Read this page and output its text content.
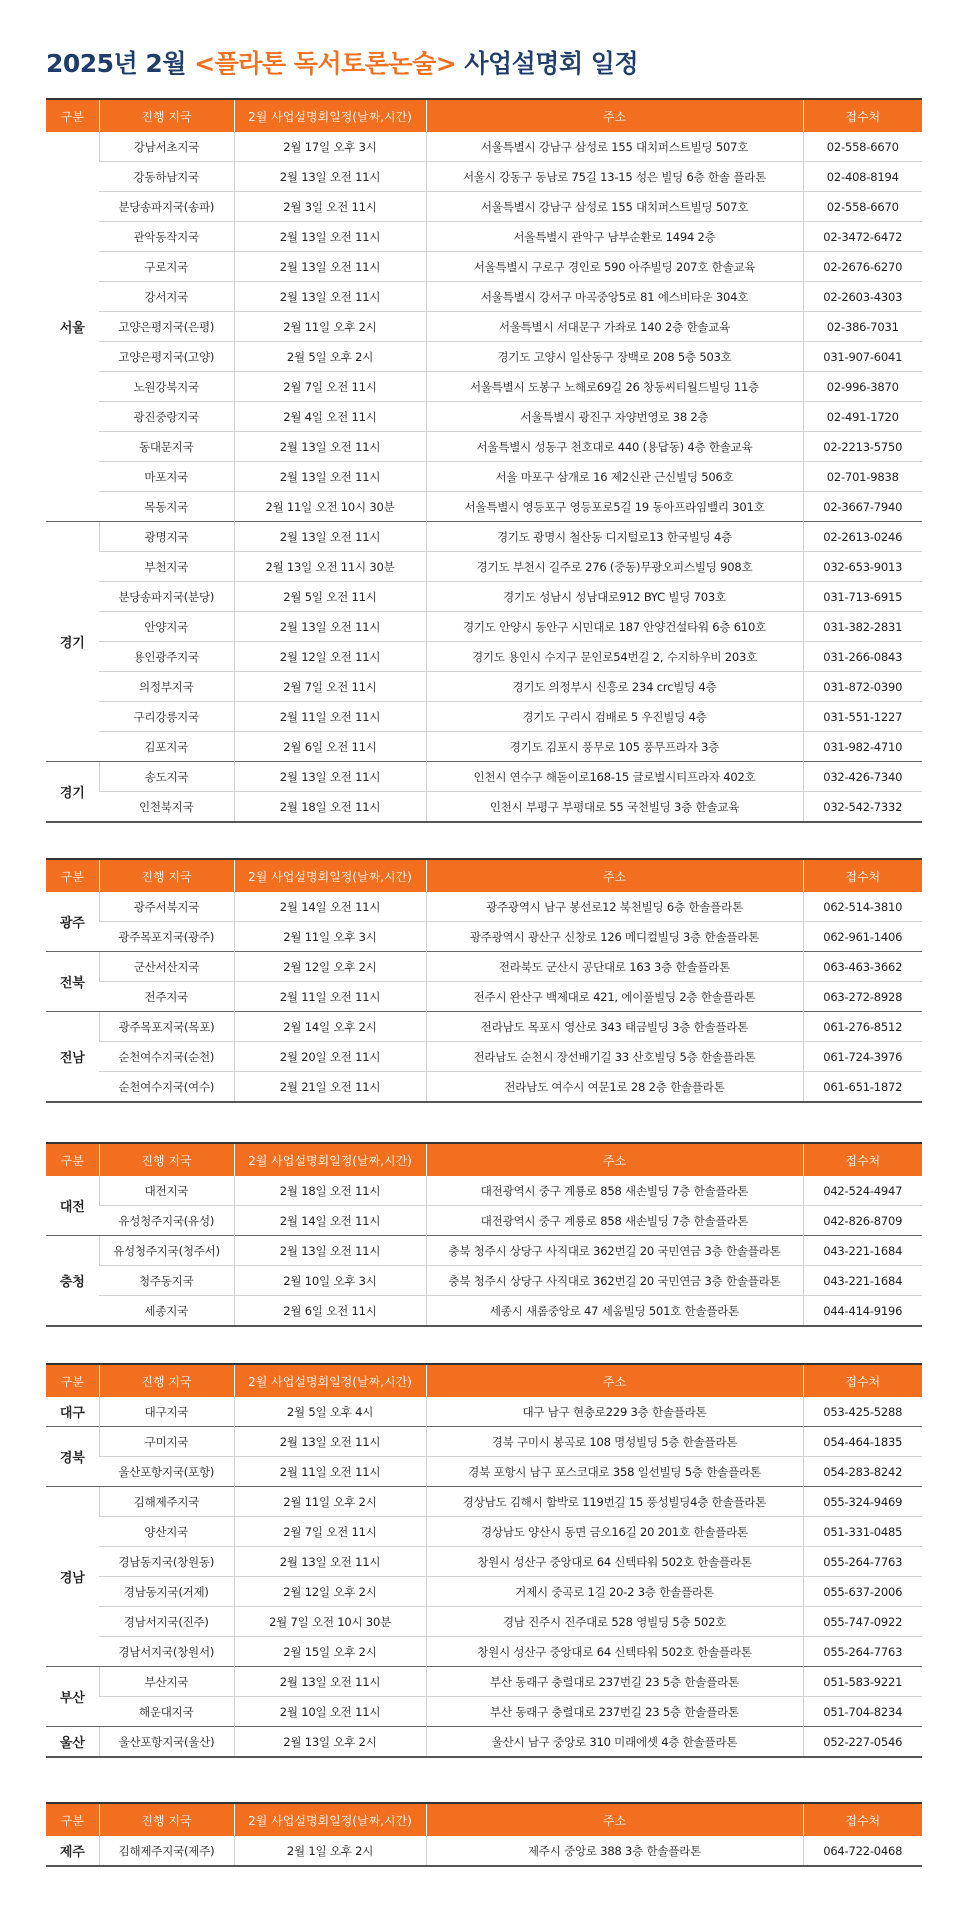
2025년 2월 <플라톤 독서토론논술> 사업설명회 일정
구분	진행 지국	2월 사업설명회일정(날짜,시간)	주소	접수처
서울	강남서초지국	2월 17일 오후 3시	서울특별시 강남구 삼성로 155 대치퍼스트빌딩 507호	02-558-6670
	강동하남지국	2월 13일 오전 11시	서울시 강동구 동남로 75길 13-15 성은 빌딩 6층 한솔 플라톤	02-408-8194
	분당송파지국(송파)	2월 3일 오전 11시	서울특별시 강남구 삼성로 155 대치퍼스트빌딩 507호	02-558-6670
	관악동작지국	2월 13일 오전 11시	서울특별시 관악구 남부순환로 1494 2층	02-3472-6472
	구로지국	2월 13일 오전 11시	서울특별시 구로구 경인로 590 아주빌딩 207호 한솔교육	02-2676-6270
	강서지국	2월 13일 오전 11시	서울특별시 강서구 마곡중앙5로 81 에스비타운 304호	02-2603-4303
	고양은평지국(은평)	2월 11일 오후 2시	서울특별시 서대문구 가좌로 140 2층 한솔교육	02-386-7031
	고양은평지국(고양)	2월 5일 오후 2시	경기도 고양시 일산동구 장백로 208 5층 503호	031-907-6041
	노원강북지국	2월 7일 오전 11시	서울특별시 도봉구 노해로69길 26 창동씨티월드빌딩 11층	02-996-3870
	광진중랑지국	2월 4일 오전 11시	서울특별시 광진구 자양번영로 38 2층	02-491-1720
	동대문지국	2월 13일 오전 11시	서울특별시 성동구 천호대로 440 (용답동) 4층 한솔교육	02-2213-5750
	마포지국	2월 13일 오전 11시	서울 마포구 삼개로 16 제2신관 근신빌딩 506호	02-701-9838
	목동지국	2월 11일 오전 10시 30분	서울특별시 영등포구 영등포로5길 19 동아프라임밸리 301호	02-3667-7940
경기	광명지국	2월 13일 오전 11시	경기도 광명시 철산동 디지털로13 한국빌딩 4층	02-2613-0246
	부천지국	2월 13일 오전 11시 30분	경기도 부천시 길주로 276 (중동)무광오피스빌딩 908호	032-653-9013
	분당송파지국(분당)	2월 5일 오전 11시	경기도 성남시 성남대로912 BYC 빌딩 703호	031-713-6915
	안양지국	2월 13일 오전 11시	경기도 안양시 동안구 시민대로 187 안양건설타워 6층 610호	031-382-2831
	용인광주지국	2월 12일 오전 11시	경기도 용인시 수지구 문인로54번길 2, 수지하우비 203호	031-266-0843
	의정부지국	2월 7일 오전 11시	경기도 의정부시 신흥로 234 crc빌딩 4층	031-872-0390
	구리강릉지국	2월 11일 오전 11시	경기도 구리시 검배로 5 우진빌딩 4층	031-551-1227
	김포지국	2월 6일 오전 11시	경기도 김포시 풍무로 105 풍무프라자 3층	031-982-4710
경기	송도지국	2월 13일 오전 11시	인천시 연수구 해돋이로168-15 글로벌시티프라자 402호	032-426-7340
	인천북지국	2월 18일 오전 11시	인천시 부평구 부평대로 55 국천빌딩 3층 한솔교육	032-542-7332
구분	진행 지국	2월 사업설명회일정(날짜,시간)	주소	접수처
광주	광주서북지국	2월 14일 오전 11시	광주광역시 남구 봉선로12 북천빌딩 6층 한솔플라톤	062-514-3810
	광주목포지국(광주)	2월 11일 오후 3시	광주광역시 광산구 신창로 126 메디컬빌딩 3층 한솔플라톤	062-961-1406
전북	군산서산지국	2월 12일 오후 2시	전라북도 군산시 공단대로 163 3층 한솔플라톤	063-463-3662
	전주지국	2월 11일 오전 11시	전주시 완산구 백제대로 421, 에이풀빌딩 2층 한솔플라톤	063-272-8928
전남	광주목포지국(목포)	2월 14일 오후 2시	전라남도 목포시 영산로 343 태금빌딩 3층 한솔플라톤	061-276-8512
	순천여수지국(순천)	2월 20일 오전 11시	전라남도 순천시 장선배기길 33 산호빌딩 5층 한솔플라톤	061-724-3976
	순천여수지국(여수)	2월 21일 오전 11시	전라남도 여수시 여문1로 28 2층 한솔플라톤	061-651-1872
구분	진행 지국	2월 사업설명회일정(날짜,시간)	주소	접수처
대전	대전지국	2월 18일 오전 11시	대전광역시 중구 계룡로 858 새손빌딩 7층 한솔플라톤	042-524-4947
	유성청주지국(유성)	2월 14일 오전 11시	대전광역시 중구 계룡로 858 새손빌딩 7층 한솔플라톤	042-826-8709
충청	유성청주지국(청주서)	2월 13일 오전 11시	충북 청주시 상당구 사직대로 362번길 20 국민연금 3층 한솔플라톤	043-221-1684
	청주동지국	2월 10일 오후 3시	충북 청주시 상당구 사직대로 362번길 20 국민연금 3층 한솔플라톤	043-221-1684
	세종지국	2월 6일 오전 11시	세종시 새롬중앙로 47 세움빌딩 501호 한솔플라톤	044-414-9196
구분	진행 지국	2월 사업설명회일정(날짜,시간)	주소	접수처
대구	대구지국	2월 5일 오후 4시	대구 남구 현충로229 3층 한솔플라톤	053-425-5288
경북	구미지국	2월 13일 오전 11시	경북 구미시 봉곡로 108 명성빌딩 5층 한솔플라톤	054-464-1835
	울산포항지국(포항)	2월 11일 오전 11시	경북 포항시 남구 포스코대로 358 일선빌딩 5층 한솔플라톤	054-283-8242
경남	김해제주지국	2월 11일 오후 2시	경상남도 김해시 함박로 119번길 15 풍성빌딩4층 한솔플라톤	055-324-9469
	양산지국	2월 7일 오전 11시	경상남도 양산시 동면 금오16길 20 201호 한솔플라톤	051-331-0485
	경남동지국(창원동)	2월 13일 오전 11시	창원시 성산구 중앙대로 64 신텍타워 502호 한솔플라톤	055-264-7763
	경남동지국(거제)	2월 12일 오후 2시	거제시 중곡로 1길 20-2 3층 한솔플라톤	055-637-2006
	경남서지국(진주)	2월 7일 오전 10시 30분	경남 진주시 진주대로 528 영빌딩 5층 502호	055-747-0922
	경남서지국(창원서)	2월 15일 오후 2시	창원시 성산구 중앙대로 64 신텍타워 502호 한솔플라톤	055-264-7763
부산	부산지국	2월 13일 오전 11시	부산 동래구 충렬대로 237번길 23 5층 한솔플라톤	051-583-9221
	해운대지국	2월 10일 오전 11시	부산 동래구 충렬대로 237번길 23 5층 한솔플라톤	051-704-8234
울산	울산포항지국(울산)	2월 13일 오후 2시	울산시 남구 중앙로 310 미래에셋 4층 한솔플라톤	052-227-0546
구분	진행 지국	2월 사업설명회일정(날짜,시간)	주소	접수처
제주	김해제주지국(제주)	2월 1일 오후 2시	제주시 중앙로 388 3층 한솔플라톤	064-722-0468
